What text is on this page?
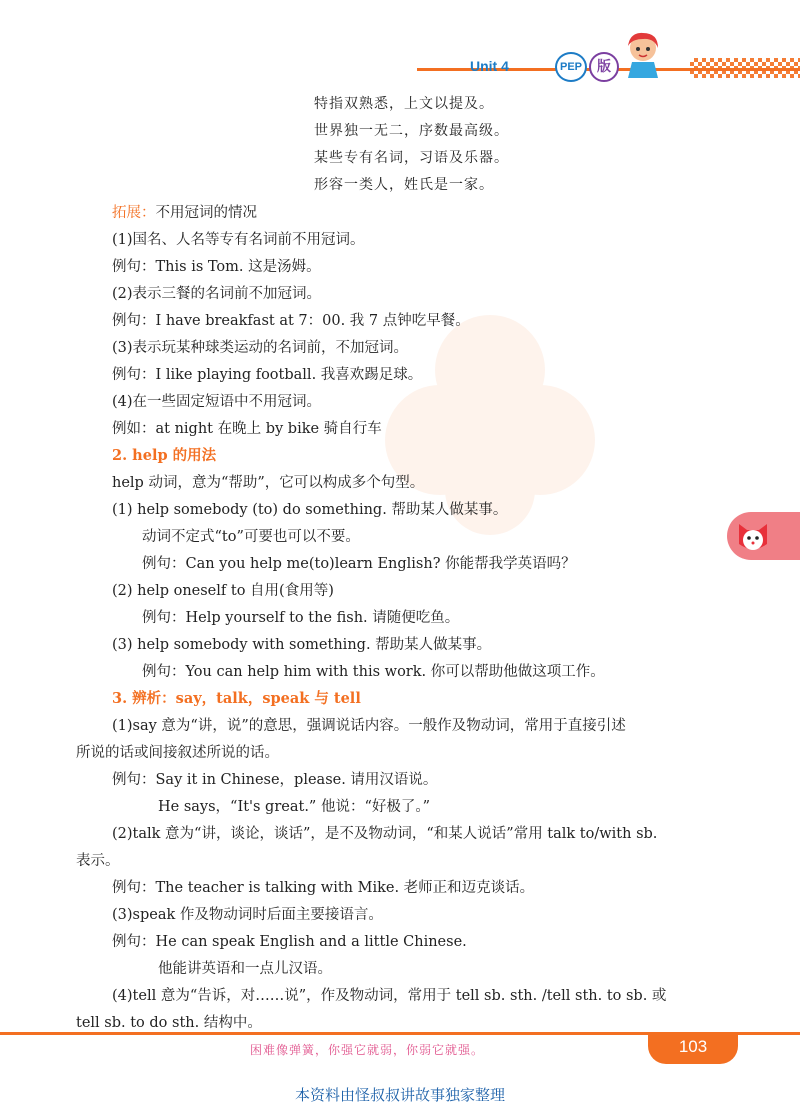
Unit 4	PEP	版
特指双熟悉，上文以提及。
世界独一无二，序数最高级。
某些专有名词，习语及乐器。
形容一类人，姓氏是一家。
拓展：不用冠词的情况
(1)国名、人名等专有名词前不用冠词。
例句：This is Tom. 这是汤姆。
(2)表示三餐的名词前不加冠词。
例句：I have breakfast at 7：00. 我 7 点钟吃早餐。
(3)表示玩某种球类运动的名词前，不加冠词。
例句：I like playing football. 我喜欢踢足球。
(4)在一些固定短语中不用冠词。
例如：at night 在晚上 by bike 骑自行车
2. help 的用法
help 动词，意为“帮助”，它可以构成多个句型。
(1) help somebody (to) do something. 帮助某人做某事。
动词不定式“to”可要也可以不要。
例句：Can you help me(to)learn English? 你能帮我学英语吗？
(2) help oneself to 自用(食用等)
例句：Help yourself to the fish. 请随便吃鱼。
(3) help somebody with something. 帮助某人做某事。
例句：You can help him with this work. 你可以帮助他做这项工作。
3. 辨析：say，talk，speak 与 tell
(1)say 意为“讲，说”的意思，强调说话内容。一般作及物动词，常用于直接引述
所说的话或间接叙述所说的话。
例句：Say it in Chinese，please. 请用汉语说。
He says，“It's great.” 他说：“好极了。”
(2)talk 意为“讲，谈论，谈话”，是不及物动词，“和某人说话”常用 talk to/with sb.
表示。
例句：The teacher is talking with Mike. 老师正和迈克谈话。
(3)speak 作及物动词时后面主要接语言。
例句：He can speak English and a little Chinese.
他能讲英语和一点儿汉语。
(4)tell 意为“告诉，对……说”，作及物动词，常用于 tell sb. sth. /tell sth. to sb. 或
tell sb. to do sth. 结构中。
困难像弹簧，你强它就弱，你弱它就强。	103
本资料由怪叔叔讲故事独家整理
